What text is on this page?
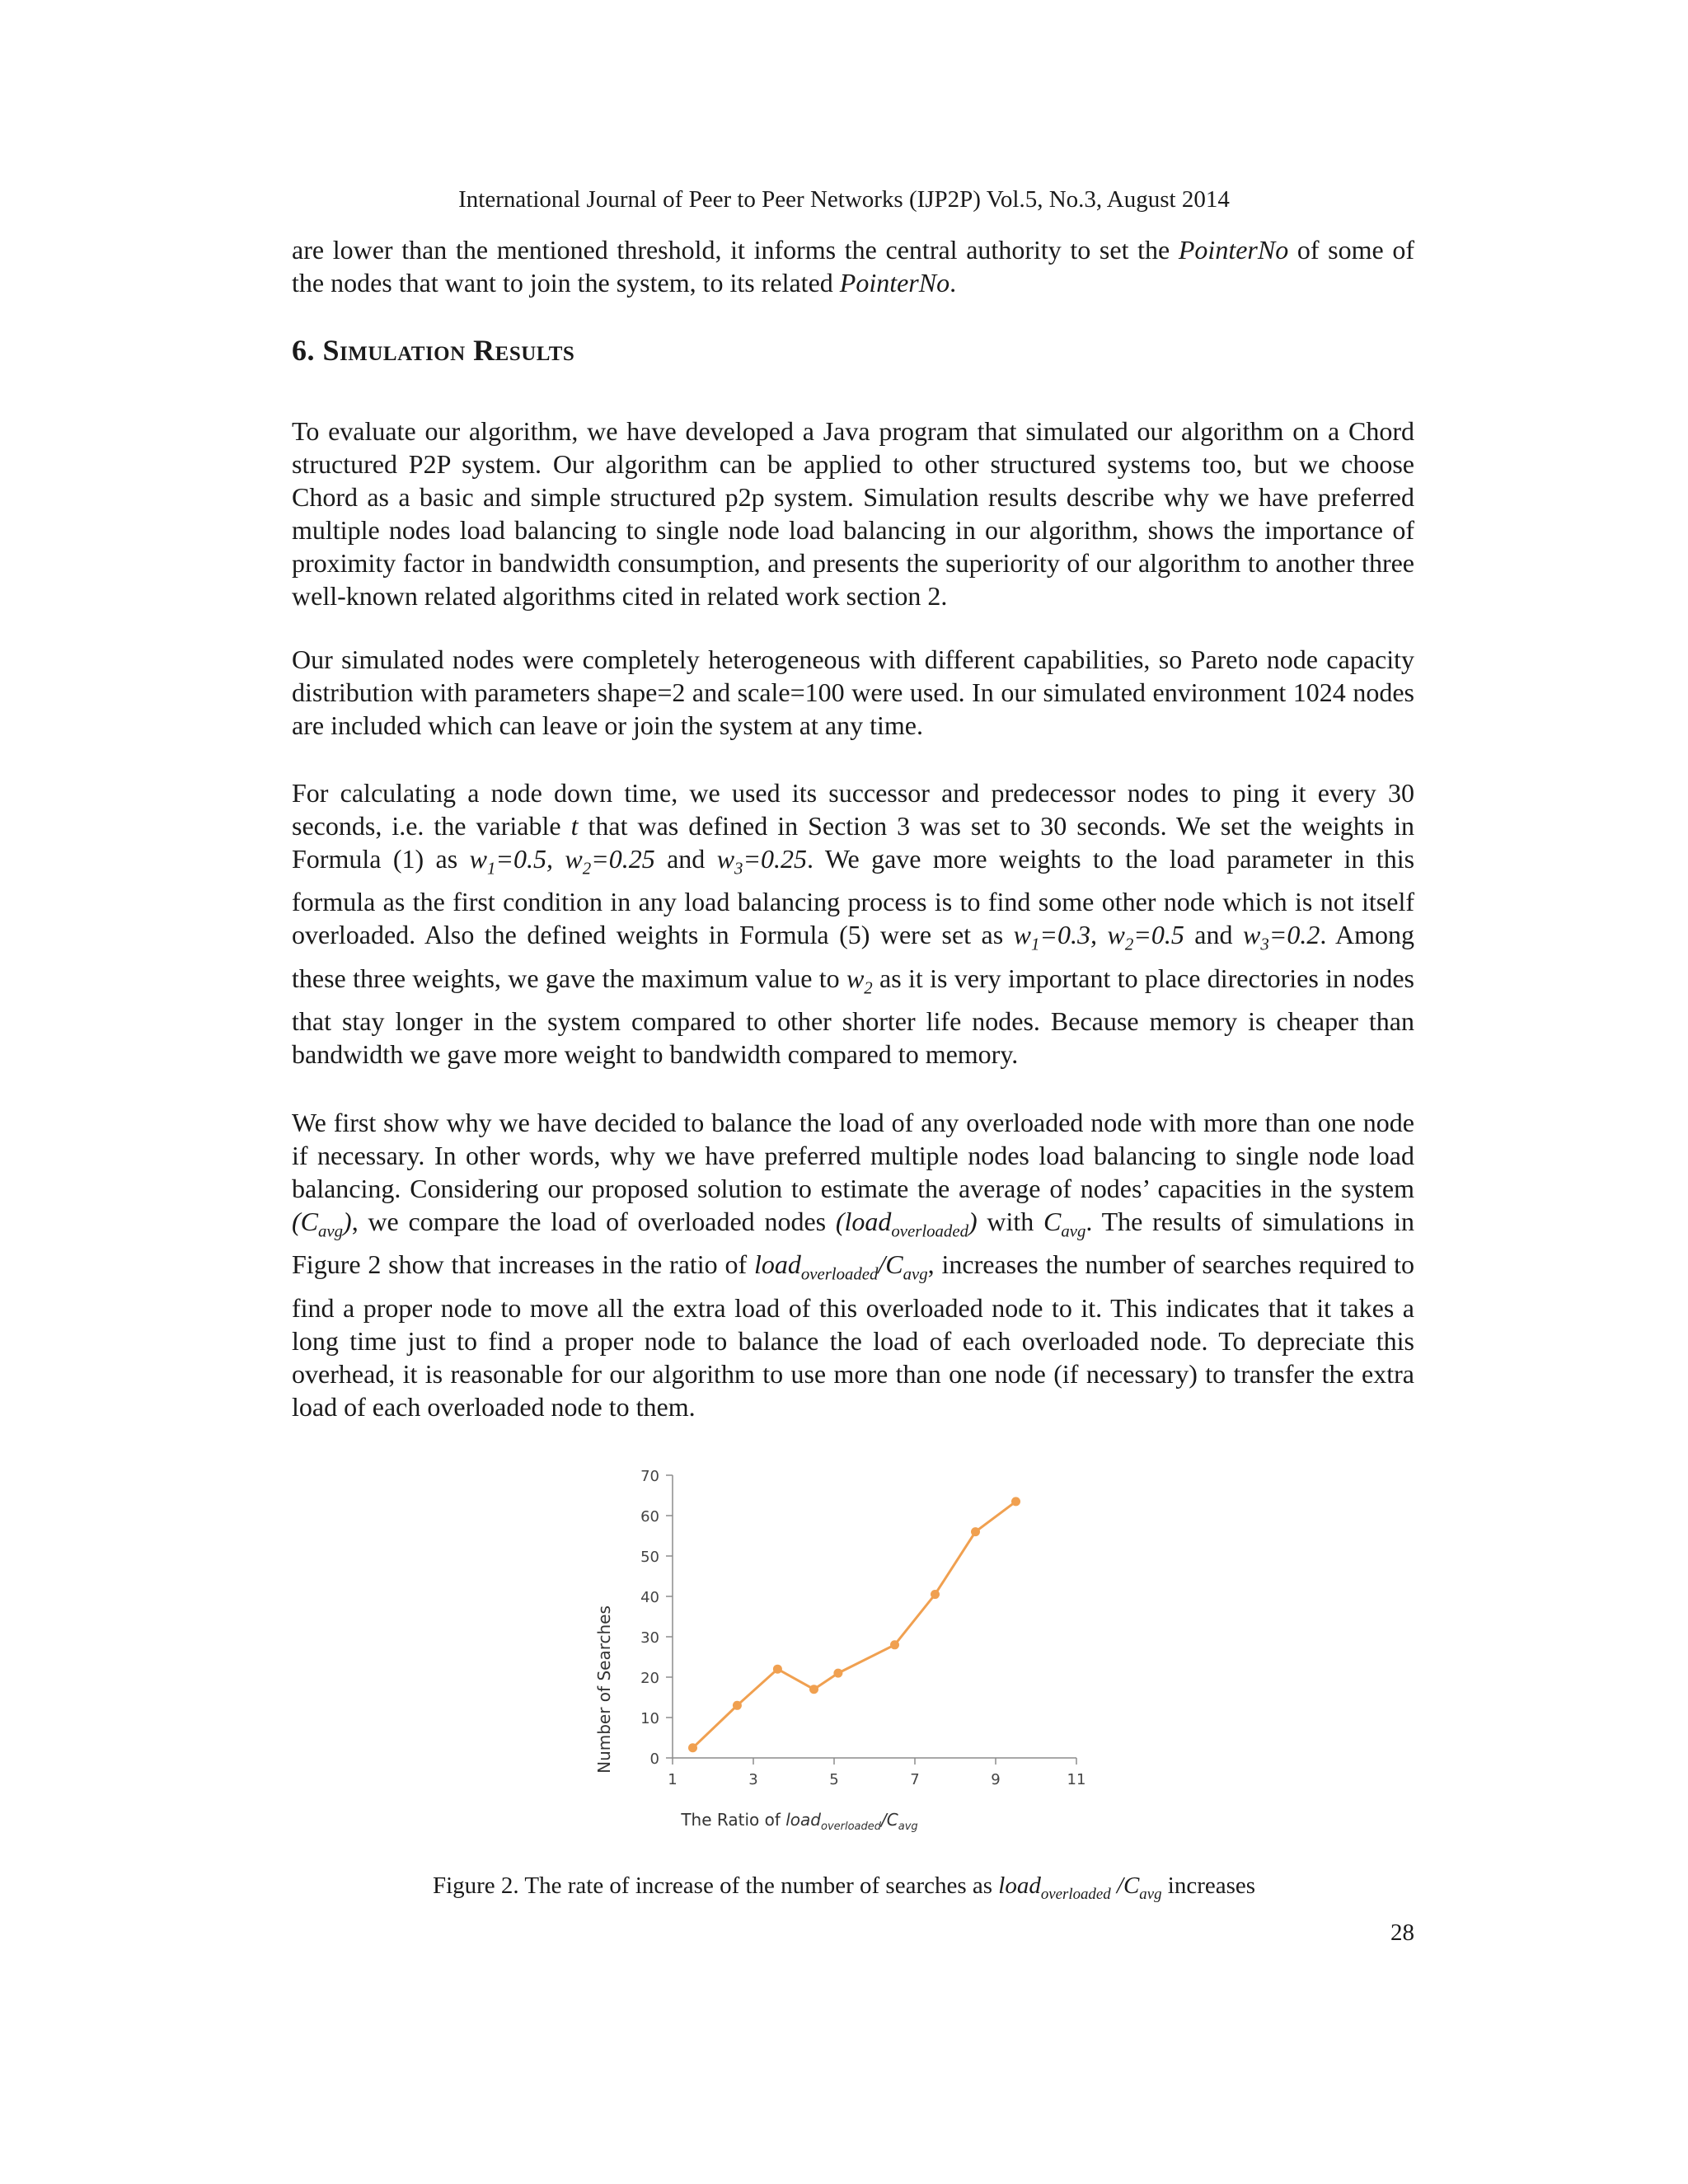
International Journal of Peer to Peer Networks (IJP2P) Vol.5, No.3, August 2014

are lower than the mentioned threshold, it informs the central authority to set the PointerNo of some of the nodes that want to join the system, to its related PointerNo.

6. Simulation Results

To evaluate our algorithm, we have developed a Java program that simulated our algorithm on a Chord structured P2P system. Our algorithm can be applied to other structured systems too, but we choose Chord as a basic and simple structured p2p system. Simulation results describe why we have preferred multiple nodes load balancing to single node load balancing in our algorithm, shows the importance of proximity factor in bandwidth consumption, and presents the superiority of our algorithm to another three well-known related algorithms cited in related work section 2.

Our simulated nodes were completely heterogeneous with different capabilities, so Pareto node capacity distribution with parameters shape=2 and scale=100 were used. In our simulated environment 1024 nodes are included which can leave or join the system at any time.

For calculating a node down time, we used its successor and predecessor nodes to ping it every 30 seconds, i.e. the variable t that was defined in Section 3 was set to 30 seconds. We set the weights in Formula (1) as $w_1=0.5$, $w_2=0.25$ and $w_3=0.25$. We gave more weights to the load parameter in this formula as the first condition in any load balancing process is to find some other node which is not itself overloaded. Also the defined weights in Formula (5) were set as $w_1=0.3$, $w_2=0.5$ and $w_3=0.2$. Among these three weights, we gave the maximum value to $w_2$ as it is very important to place directories in nodes that stay longer in the system compared to other shorter life nodes. Because memory is cheaper than bandwidth we gave more weight to bandwidth compared to memory.

We first show why we have decided to balance the load of any overloaded node with more than one node if necessary. In other words, why we have preferred multiple nodes load balancing to single node load balancing. Considering our proposed solution to estimate the average of nodes’ capacities in the system $(C_{avg})$, we compare the load of overloaded nodes (load$_{overloaded}$) with $C_{avg}$. The results of simulations in Figure 2 show that increases in the ratio of $load_{overloaded}/C_{avg}$, increases the number of searches required to find a proper node to move all the extra load of this overloaded node to it. This indicates that it takes a long time just to find a proper node to balance the load of each overloaded node. To depreciate this overhead, it is reasonable for our algorithm to use more than one node (if necessary) to transfer the extra load of each overloaded node to them.

0
10
20
30
40
50
60
70
1	3	5	7	9	11
Number of Searches
The Ratio of $load_{overloaded}/C_{avg}$
Figure 2. The rate of increase of the number of searches as load$_{overloaded}$ $/C_{avg}$ increases
28
